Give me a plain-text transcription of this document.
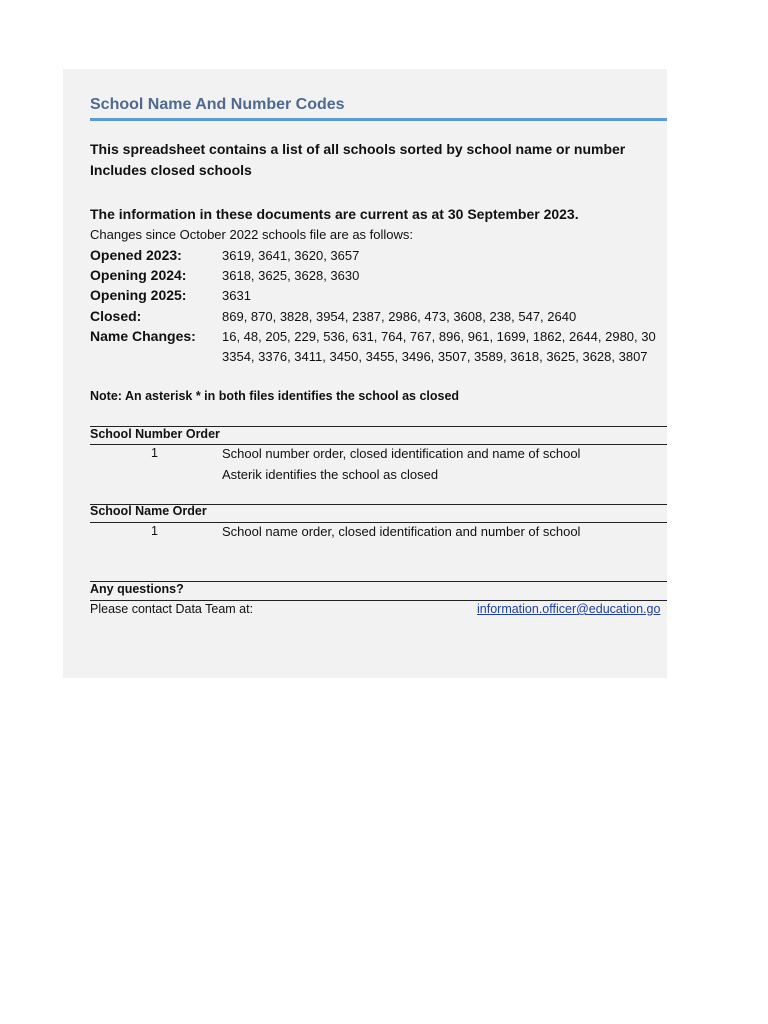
School Name And Number Codes
This spreadsheet contains a list of all schools sorted by school name or number
Includes closed schools
The information in these documents are current as at 30 September 2023.
Changes since October 2022 schools file are as follows:
Opened 2023:	3619, 3641, 3620, 3657
Opening 2024:	3618, 3625, 3628, 3630
Opening 2025:	3631
Closed:	869, 870, 3828, 3954, 2387, 2986, 473, 3608, 238, 547, 2640
Name Changes: 16, 48, 205, 229, 536, 631, 764, 767, 896, 961, 1699, 1862, 2644, 2980, 30
3354, 3376, 3411, 3450, 3455, 3496, 3507, 3589, 3618, 3625, 3628, 3807
Note: An asterisk * in both files identifies the school as closed
School Number Order
1	School number order, closed identification and name of school
Asterik identifies the school as closed
School Name Order
1	School name order, closed identification and number of school
Any questions?
Please contact Data Team at:	information.officer@education.go
